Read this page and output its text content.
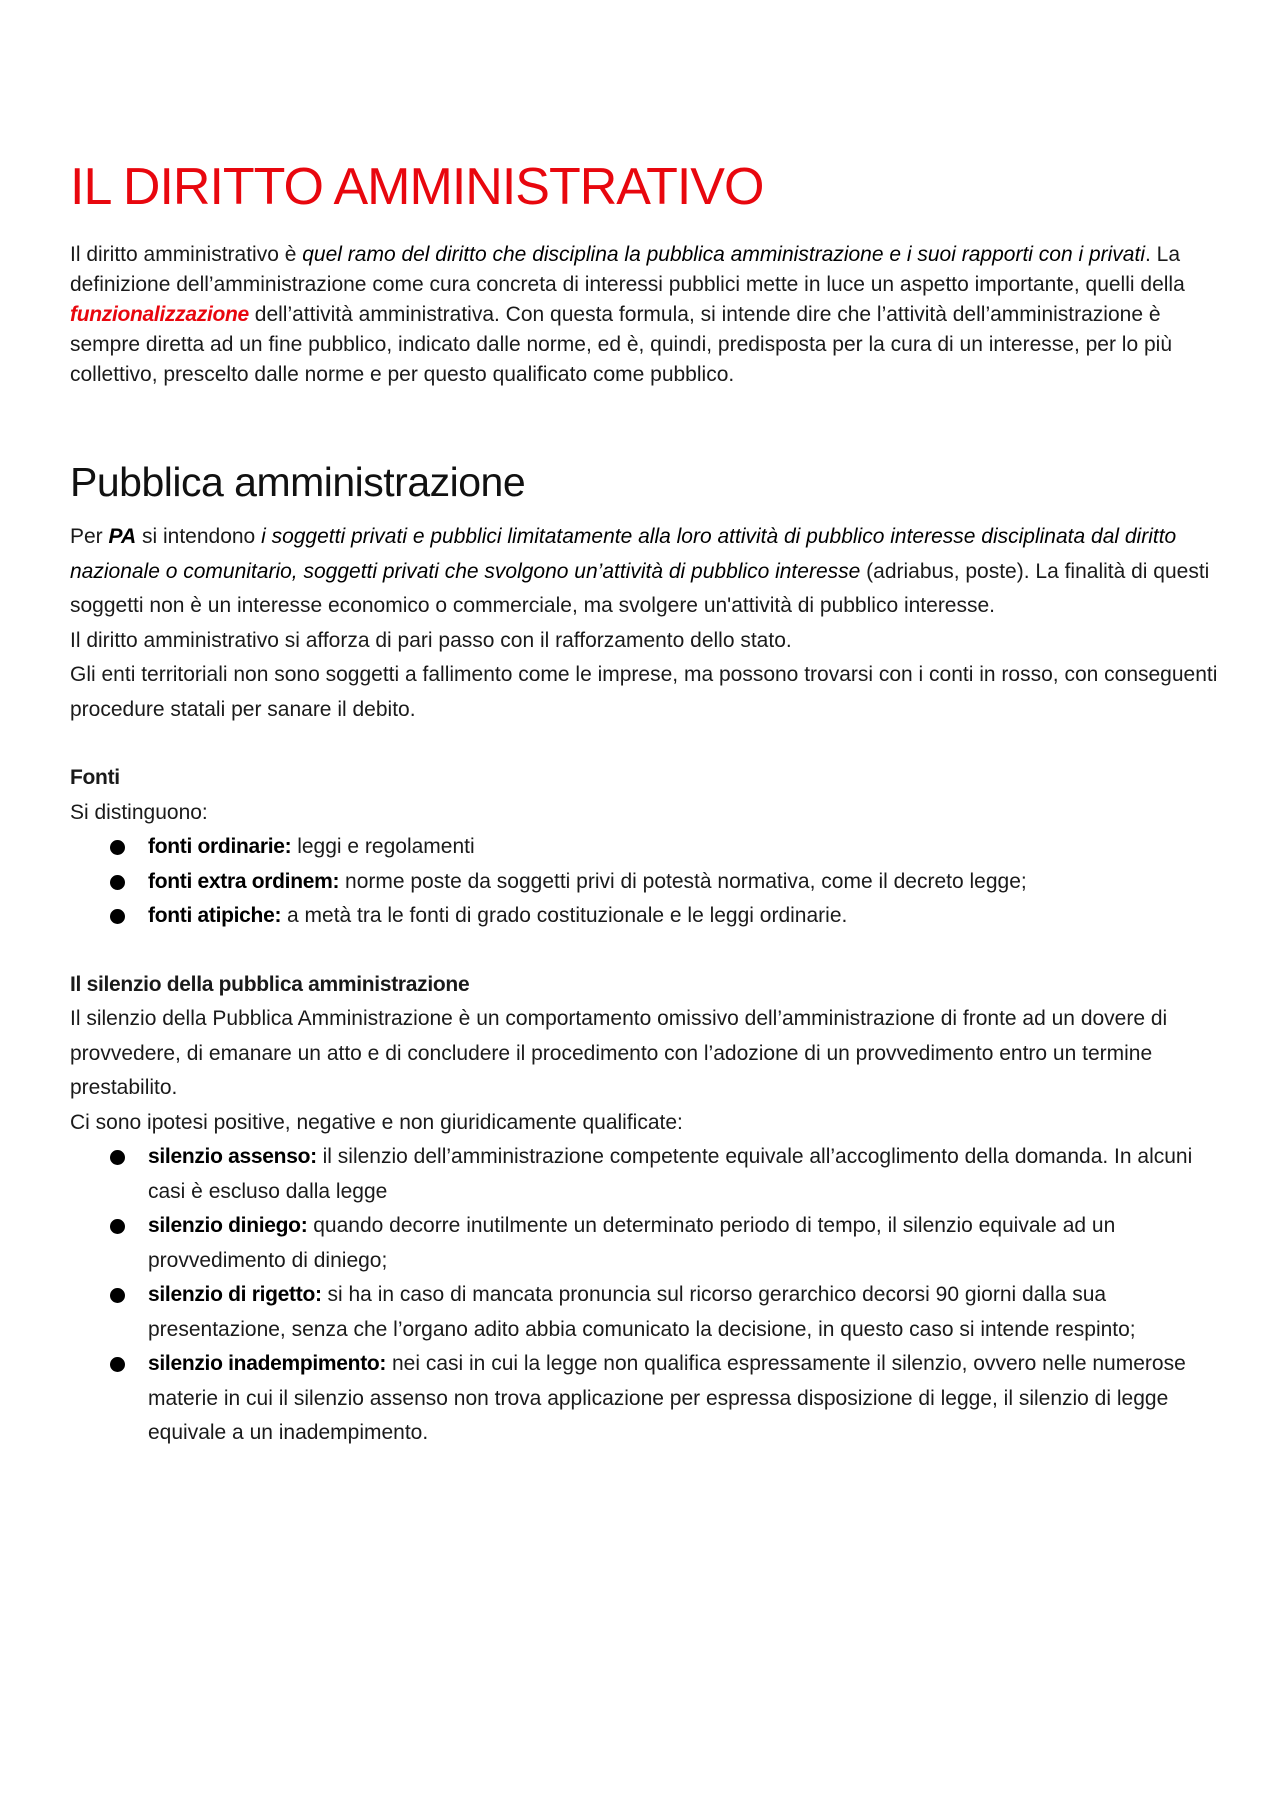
IL DIRITTO AMMINISTRATIVO

Il diritto amministrativo è quel ramo del diritto che disciplina la pubblica amministrazione e i suoi rapporti con i privati. La definizione dell’amministrazione come cura concreta di interessi pubblici mette in luce un aspetto importante, quelli della funzionalizzazione dell’attività amministrativa. Con questa formula, si intende dire che l’attività dell’amministrazione è sempre diretta ad un fine pubblico, indicato dalle norme, ed è, quindi, predisposta per la cura di un interesse, per lo più collettivo, prescelto dalle norme e per questo qualificato come pubblico.

Pubblica amministrazione

Per PA si intendono i soggetti privati e pubblici limitatamente alla loro attività di pubblico interesse disciplinata dal diritto nazionale o comunitario, soggetti privati che svolgono un’attività di pubblico interesse (adriabus, poste). La finalità di questi soggetti non è un interesse economico o commerciale, ma svolgere un'attività di pubblico interesse.

Il diritto amministrativo si afforza di pari passo con il rafforzamento dello stato.

Gli enti territoriali non sono soggetti a fallimento come le imprese, ma possono trovarsi con i conti in rosso, con conseguenti procedure statali per sanare il debito.

Fonti

Si distinguono:

fonti ordinarie: leggi e regolamenti
fonti extra ordinem: norme poste da soggetti privi di potestà normativa, come il decreto legge;
fonti atipiche: a metà tra le fonti di grado costituzionale e le leggi ordinarie.
Il silenzio della pubblica amministrazione

Il silenzio della Pubblica Amministrazione è un comportamento omissivo dell’amministrazione di fronte ad un dovere di provvedere, di emanare un atto e di concludere il procedimento con l’adozione di un provvedimento entro un termine prestabilito.

Ci sono ipotesi positive, negative e non giuridicamente qualificate:

silenzio assenso: il silenzio dell’amministrazione competente equivale all’accoglimento della domanda. In alcuni casi è escluso dalla legge
silenzio diniego: quando decorre inutilmente un determinato periodo di tempo, il silenzio equivale ad un provvedimento di diniego;
silenzio di rigetto: si ha in caso di mancata pronuncia sul ricorso gerarchico decorsi 90 giorni dalla sua presentazione, senza che l’organo adito abbia comunicato la decisione, in questo caso si intende respinto;
silenzio inadempimento: nei casi in cui la legge non qualifica espressamente il silenzio, ovvero nelle numerose materie in cui il silenzio assenso non trova applicazione per espressa disposizione di legge, il silenzio di legge equivale a un inadempimento.
